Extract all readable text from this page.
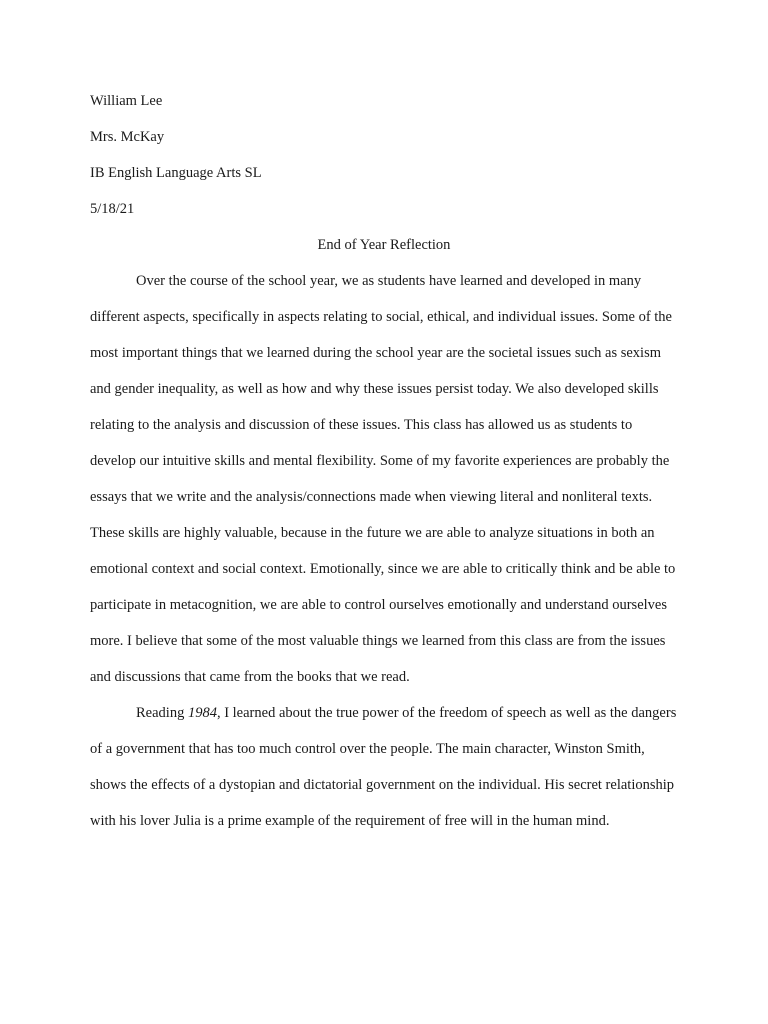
William Lee
Mrs. McKay
IB English Language Arts SL
5/18/21
End of Year Reflection

Over the course of the school year, we as students have learned and developed in many different aspects, specifically in aspects relating to social, ethical, and individual issues. Some of the most important things that we learned during the school year are the societal issues such as sexism and gender inequality, as well as how and why these issues persist today. We also developed skills relating to the analysis and discussion of these issues. This class has allowed us as students to develop our intuitive skills and mental flexibility. Some of my favorite experiences are probably the essays that we write and the analysis/connections made when viewing literal and nonliteral texts. These skills are highly valuable, because in the future we are able to analyze situations in both an emotional context and social context. Emotionally, since we are able to critically think and be able to participate in metacognition, we are able to control ourselves emotionally and understand ourselves more. I believe that some of the most valuable things we learned from this class are from the issues and discussions that came from the books that we read.

Reading 1984, I learned about the true power of the freedom of speech as well as the dangers of a government that has too much control over the people. The main character, Winston Smith, shows the effects of a dystopian and dictatorial government on the individual. His secret relationship with his lover Julia is a prime example of the requirement of free will in the human mind.
